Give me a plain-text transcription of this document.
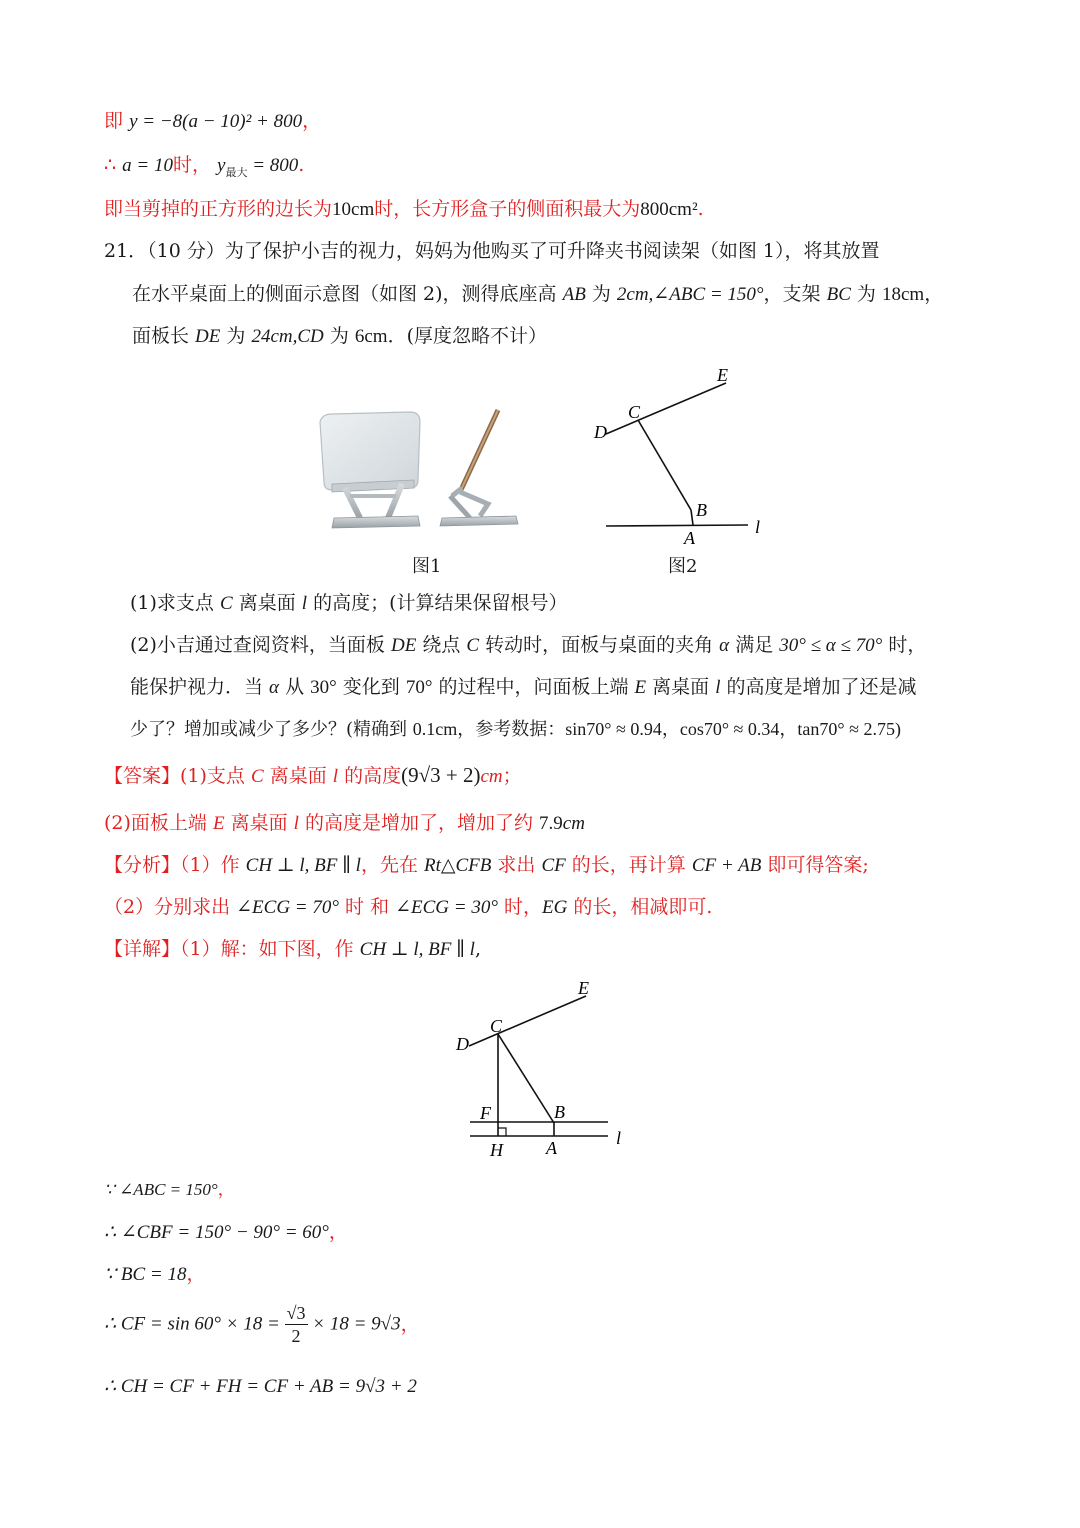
即 y = −8(a − 10)² + 800，
∴ a = 10时， $y_{最大} = 800$.
即当剪掉的正方形的边长为10cm时，长方形盒子的侧面积最大为800cm².
21．（10 分）为了保护小吉的视力，妈妈为他购买了可升降夹书阅读架（如图 1），将其放置
在水平桌面上的侧面示意图（如图 2)，测得底座高 AB 为 2cm,∠ABC = 150°，支架 BC 为 18cm，
面板长 DE 为 24cm,CD 为 6cm．(厚度忽略不计）
图1
E
C
D
B
A
l
图2
(1)求支点 C 离桌面 l 的高度；(计算结果保留根号）
(2)小吉通过查阅资料，当面板 DE 绕点 C 转动时，面板与桌面的夹角 α 满足 30° ≤ α ≤ 70° 时，
能保护视力．当 α 从 30° 变化到 70° 的过程中，问面板上端 E 离桌面 l 的高度是增加了还是减
少了？增加或减少了多少？(精确到 0.1cm，参考数据：sin70° ≈ 0.94，cos70° ≈ 0.34，tan70° ≈ 2.75)
【答案】(1)支点 C 离桌面 l 的高度(9√3 + 2)cm；
(2)面板上端 E 离桌面 l 的高度是增加了，增加了约 7.9cm
【分析】（1）作 CH ⊥ l, BF ∥ l，先在 Rt△CFB 求出 CF 的长，再计算 CF + AB 即可得答案;
（2）分别求出 ∠ECG = 70° 时 和 ∠ECG = 30° 时，EG 的长，相减即可.
【详解】（1）解：如下图，作 CH ⊥ l, BF ∥ l,
E
C
D
F	B
H A	l
∵ ∠ABC = 150°，
∴ ∠CBF = 150° − 90° = 60°，
∵ BC = 18，
∴ CF = $\sin 60^\circ \times 18 = \frac{√3}{2} \times 18 = 9√3$，
∴ CH = CF + FH = CF + AB = 9√3 + 2
